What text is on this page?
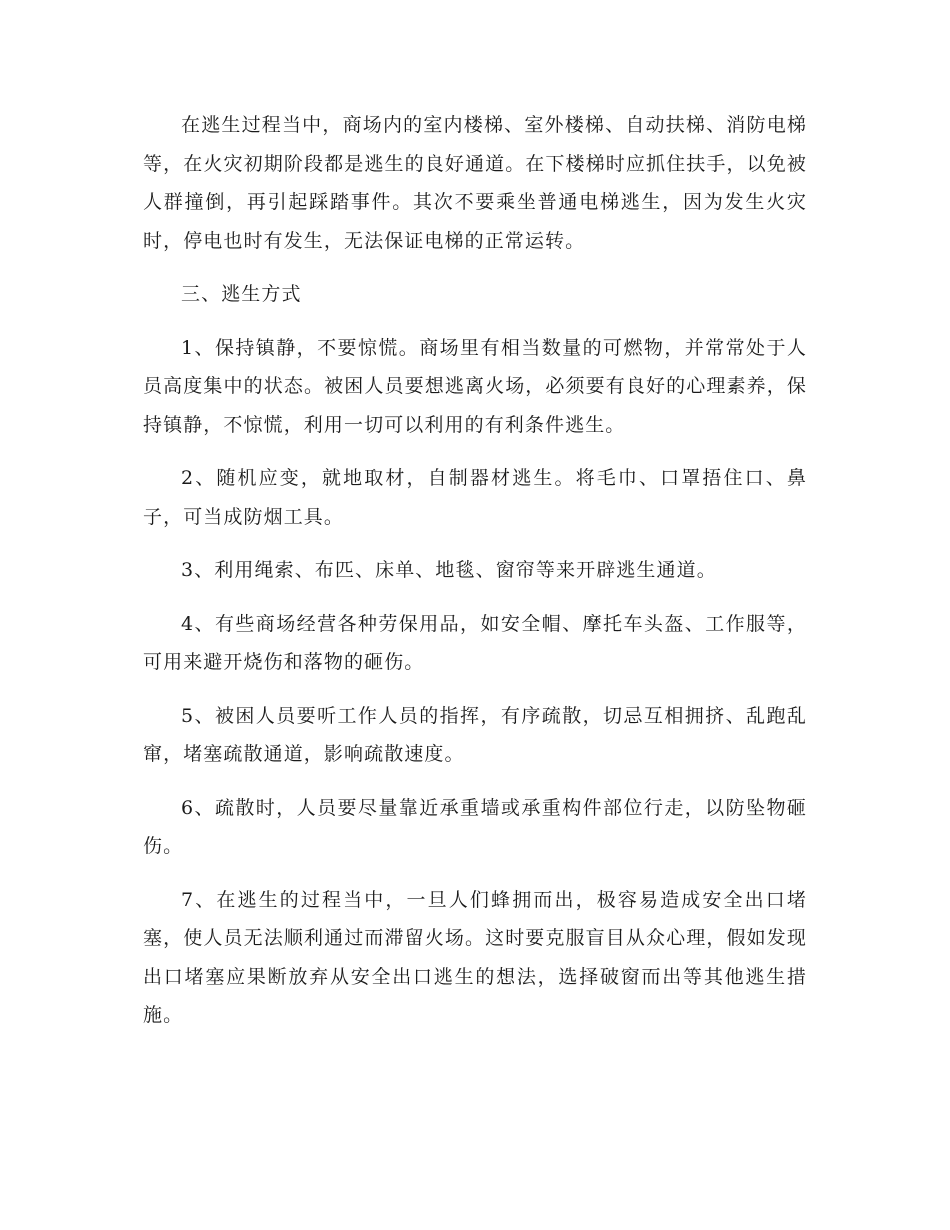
在逃生过程当中，商场内的室内楼梯、室外楼梯、自动扶梯、消防电梯等，在火灾初期阶段都是逃生的良好通道。在下楼梯时应抓住扶手，以免被人群撞倒，再引起踩踏事件。其次不要乘坐普通电梯逃生，因为发生火灾时，停电也时有发生，无法保证电梯的正常运转。

三、逃生方式

1、保持镇静，不要惊慌。商场里有相当数量的可燃物，并常常处于人员高度集中的状态。被困人员要想逃离火场，必须要有良好的心理素养，保持镇静，不惊慌，利用一切可以利用的有利条件逃生。

2、随机应变，就地取材，自制器材逃生。将毛巾、口罩捂住口、鼻子，可当成防烟工具。

3、利用绳索、布匹、床单、地毯、窗帘等来开辟逃生通道。

4、有些商场经营各种劳保用品，如安全帽、摩托车头盔、工作服等，可用来避开烧伤和落物的砸伤。

5、被困人员要听工作人员的指挥，有序疏散，切忌互相拥挤、乱跑乱窜，堵塞疏散通道，影响疏散速度。

6、疏散时，人员要尽量靠近承重墙或承重构件部位行走，以防坠物砸伤。

7、在逃生的过程当中，一旦人们蜂拥而出，极容易造成安全出口堵塞，使人员无法顺利通过而滞留火场。这时要克服盲目从众心理，假如发现出口堵塞应果断放弃从安全出口逃生的想法，选择破窗而出等其他逃生措施。
